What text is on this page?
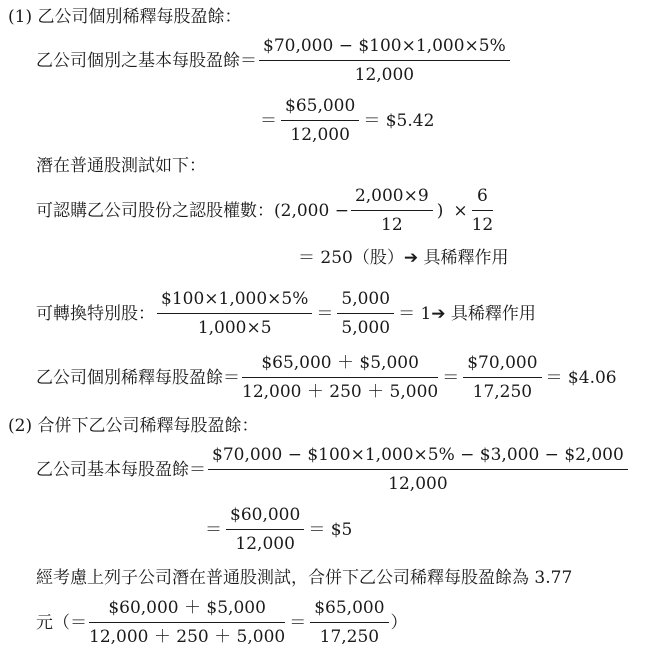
(1) 乙公司個別稀釋每股盈餘：
乙公司個別之基本每股盈餘＝ $\frac{\$70,000 - \$100\times 1,000\times 5\%}{12,000}$
＝ $\frac{\$65,000}{12,000}$ ＝ $5.42
潛在普通股測試如下：
可認購乙公司股份之認股權數：($2,000 - \frac{2,000\times 9}{12}$ ) × $\frac{6}{12}$
＝ 250（股）➔ 具稀釋作用
可轉換特別股： $\frac{\$100\times 1,000\times 5\%}{1,000\times 5} = \frac{5,000}{5,000}$ ＝ 1➔ 具稀釋作用
乙公司個別稀釋每股盈餘＝ $\frac{\$65,000 + \$5,000}{12,000 + 250 + 5,000} = \frac{\$70,000}{17,250}$ ＝ $4.06
(2) 合併下乙公司稀釋每股盈餘：
乙公司基本每股盈餘＝ $\frac{\$70,000 - \$100\times 1,000\times 5\% - \$3,000 - \$2,000}{12,000}$
＝ $\frac{\$60,000}{12,000}$ ＝ $5
經考慮上列子公司潛在普通股測試，合併下乙公司稀釋每股盈餘為 3.77
元（＝ $\frac{\$60,000 + \$5,000}{12,000 + 250 + 5,000} = \frac{\$65,000}{17,250}$ ）
